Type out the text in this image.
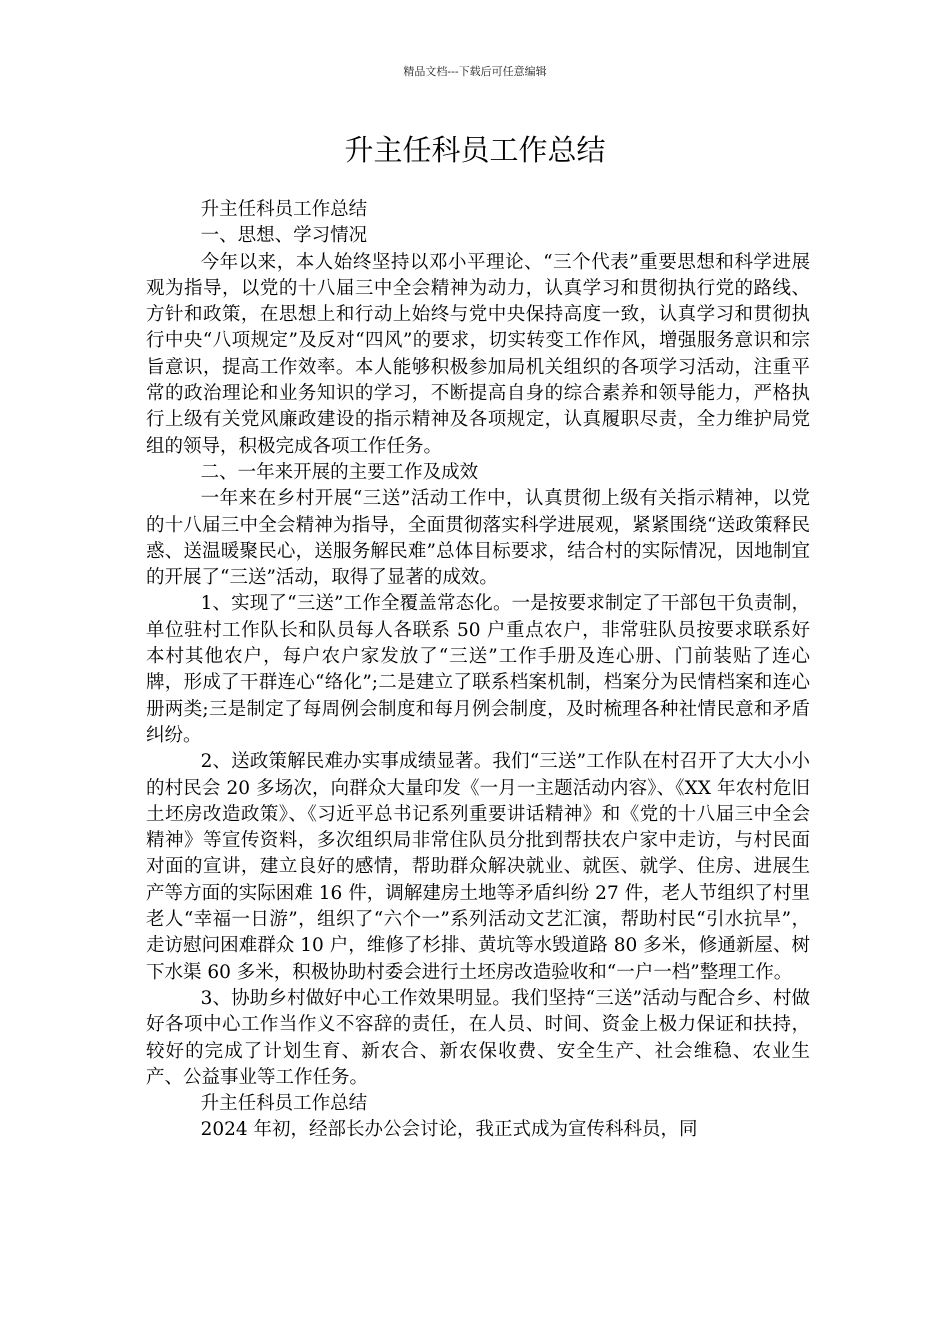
精品文档---下载后可任意编辑
升主任科员工作总结

升主任科员工作总结

一、思想、学习情况

今年以来，本人始终坚持以邓小平理论、“三个代表”重要思想和科学进展观为指导，以党的十八届三中全会精神为动力，认真学习和贯彻执行党的路线、方针和政策，在思想上和行动上始终与党中央保持高度一致，认真学习和贯彻执行中央“八项规定”及反对“四风”的要求，切实转变工作作风，增强服务意识和宗旨意识，提高工作效率。本人能够积极参加局机关组织的各项学习活动，注重平常的政治理论和业务知识的学习，不断提高自身的综合素养和领导能力，严格执行上级有关党风廉政建设的指示精神及各项规定，认真履职尽责，全力维护局党组的领导，积极完成各项工作任务。

二、一年来开展的主要工作及成效

一年来在乡村开展“三送”活动工作中，认真贯彻上级有关指示精神，以党的十八届三中全会精神为指导，全面贯彻落实科学进展观，紧紧围绕“送政策释民惑、送温暖聚民心，送服务解民难”总体目标要求，结合村的实际情况，因地制宜的开展了“三送”活动，取得了显著的成效。

1、实现了“三送”工作全覆盖常态化。一是按要求制定了干部包干负责制，单位驻村工作队长和队员每人各联系 50 户重点农户，非常驻队员按要求联系好本村其他农户，每户农户家发放了“三送”工作手册及连心册、门前装贴了连心牌，形成了干群连心“络化”;二是建立了联系档案机制，档案分为民情档案和连心册两类;三是制定了每周例会制度和每月例会制度，及时梳理各种社情民意和矛盾纠纷。

2、送政策解民难办实事成绩显著。我们“三送”工作队在村召开了大大小小的村民会 20 多场次，向群众大量印发《一月一主题活动内容》、《XX 年农村危旧土坯房改造政策》、《习近平总书记系列重要讲话精神》和《党的十八届三中全会精神》等宣传资料，多次组织局非常住队员分批到帮扶农户家中走访，与村民面对面的宣讲，建立良好的感情，帮助群众解决就业、就医、就学、住房、进展生产等方面的实际困难 16 件，调解建房土地等矛盾纠纷 27 件，老人节组织了村里老人“幸福一日游”，组织了“六个一”系列活动文艺汇演，帮助村民“引水抗旱”，走访慰问困难群众 10 户，维修了杉排、黄坑等水毁道路 80 多米，修通新屋、树下水渠 60 多米，积极协助村委会进行土坯房改造验收和“一户一档”整理工作。

3、协助乡村做好中心工作效果明显。我们坚持“三送”活动与配合乡、村做好各项中心工作当作义不容辞的责任，在人员、时间、资金上极力保证和扶持，较好的完成了计划生育、新农合、新农保收费、安全生产、社会维稳、农业生产、公益事业等工作任务。

升主任科员工作总结

2024 年初，经部长办公会讨论，我正式成为宣传科科员，同
